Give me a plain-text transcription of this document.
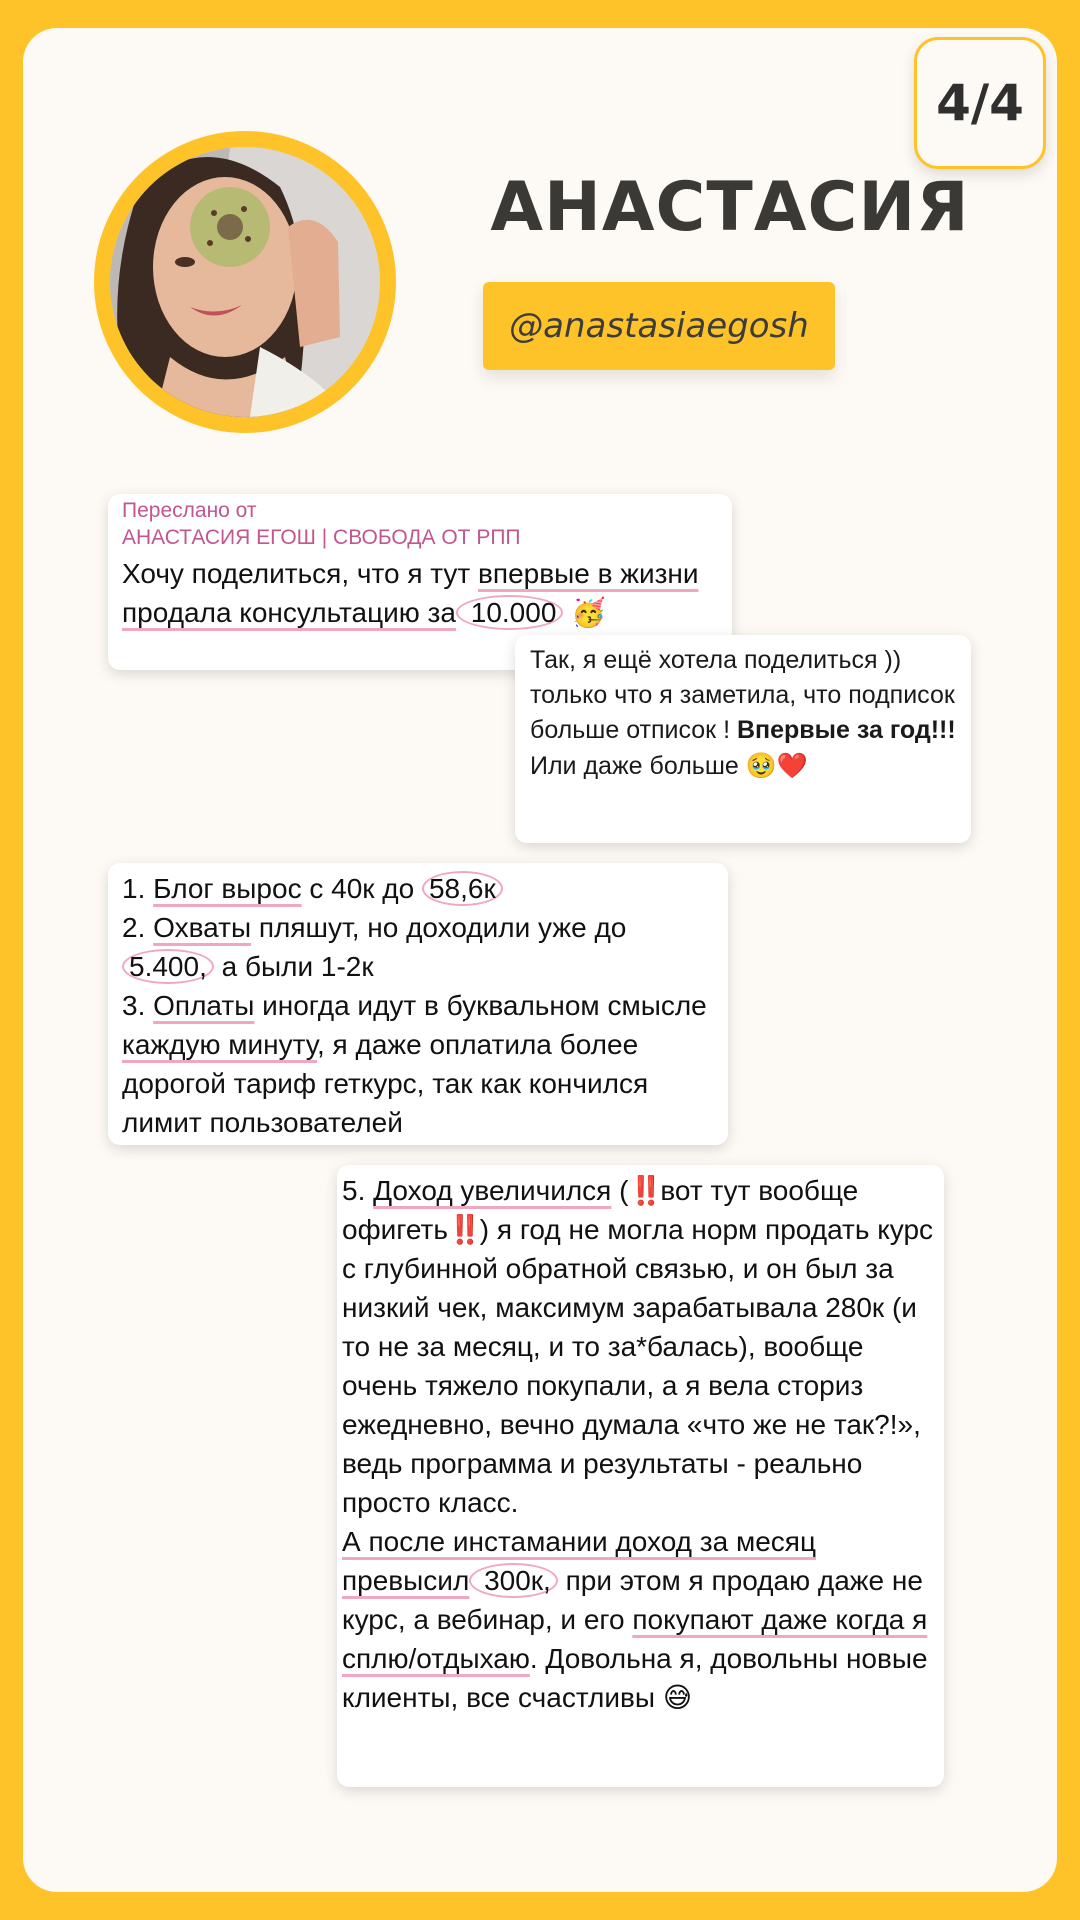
4/4
АНАСТАСИЯ
@anastasiaegosh
Переслано от
АНАСТАСИЯ ЕГОШ | СВОБОДА ОТ РПП
Хочу поделиться, что я тут впервые в жизни продала консультацию за 10.000 🥳
Так, я ещё хотела поделиться )) только что я заметила, что подписок больше отписок ! Впервые за год!!! Или даже больше 🥹❤️
1. Блог вырос с 40к до 58,6к
2. Охваты пляшут, но доходили уже до 5.400, а были 1-2к
3. Оплаты иногда идут в буквальном смысле каждую минуту, я даже оплатила более дорогой тариф геткурс, так как кончился лимит пользователей
5. Доход увеличился (‼️вот тут вообще офигеть‼️) я год не могла норм продать курс с глубинной обратной связью, и он был за низкий чек, максимум зарабатывала 280к (и то не за месяц, и то за*балась), вообще очень тяжело покупали, а я вела сториз ежедневно, вечно думала «что же не так?!», ведь программа и результаты - реально просто класс.
А после инстамании доход за месяц превысил 300к, при этом я продаю даже не курс, а вебинар, и его покупают даже когда я сплю/отдыхаю. Довольна я, довольны новые клиенты, все счастливы 😅
